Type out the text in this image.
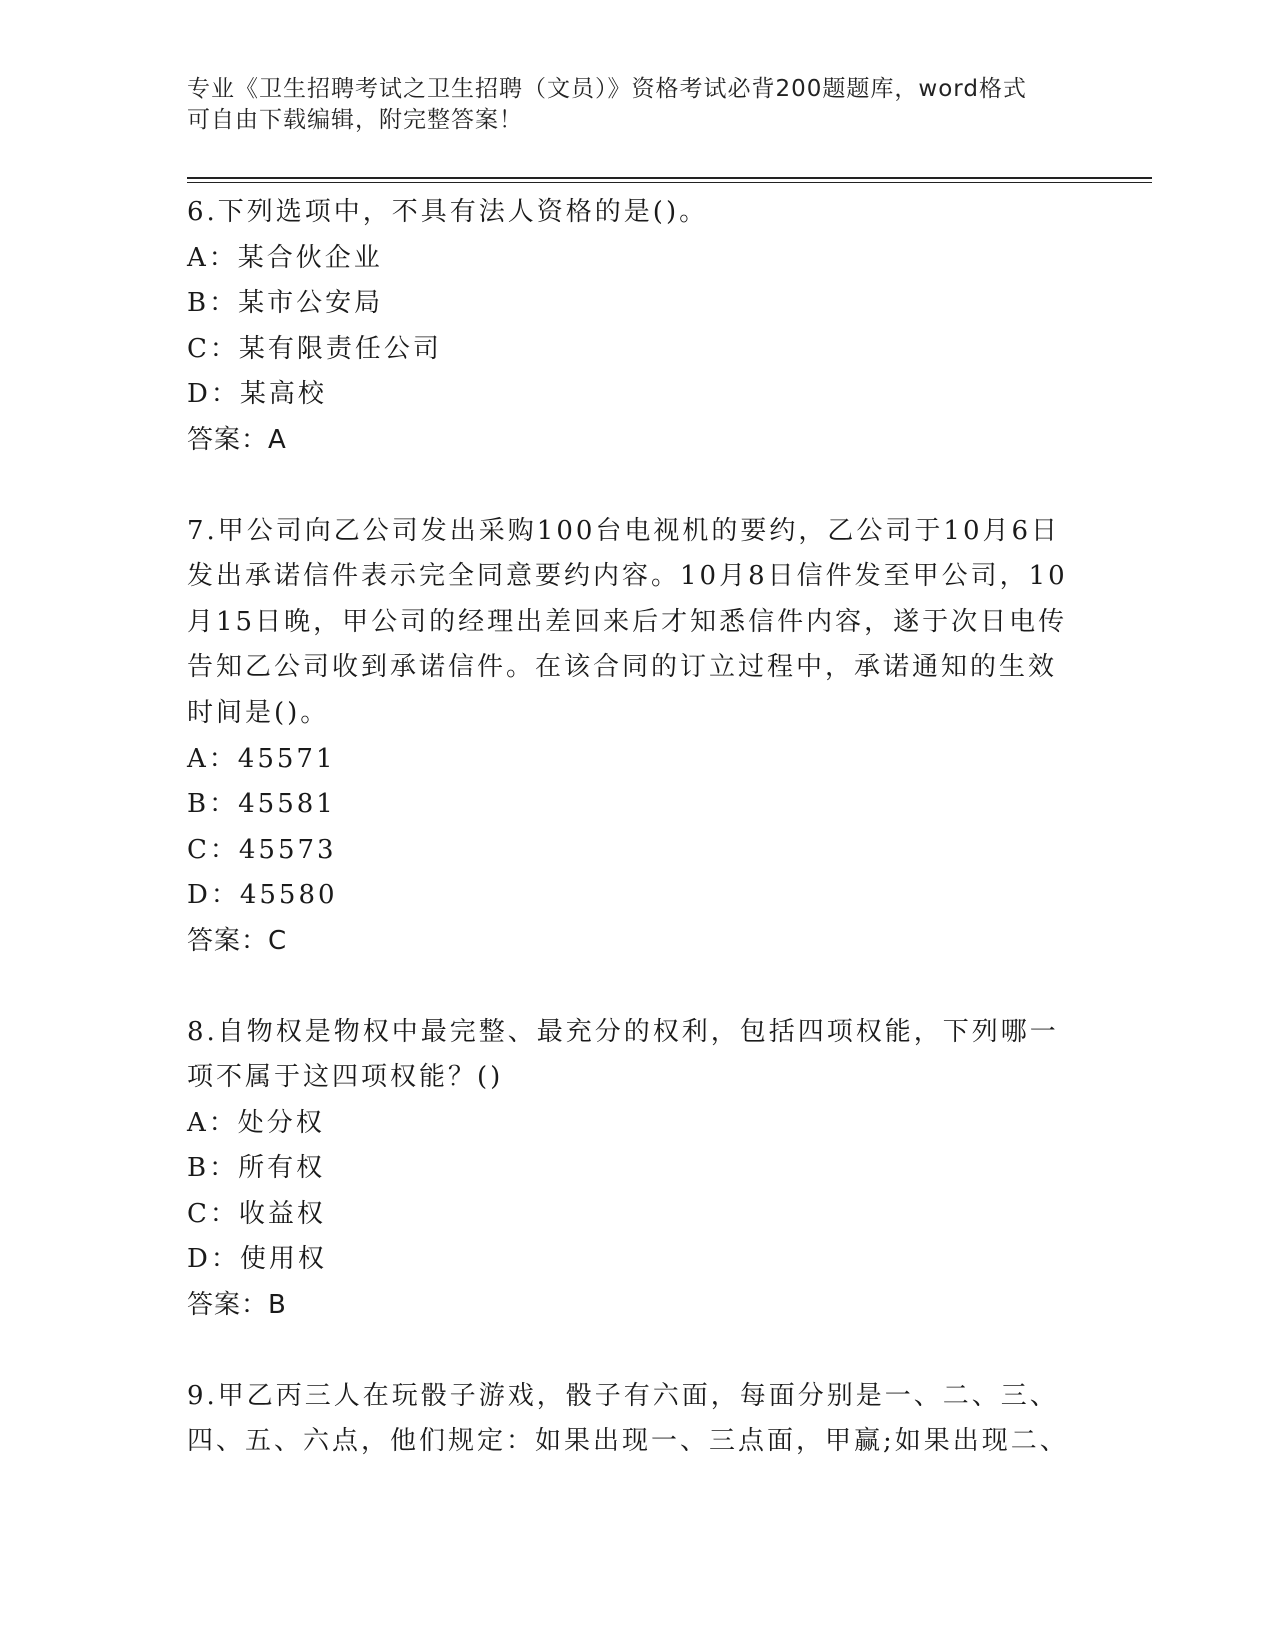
专业《卫生招聘考试之卫生招聘（文员）》资格考试必背200题题库，word格式

可自由下载编辑，附完整答案！

6.下列选项中，不具有法人资格的是()。

A：某合伙企业

B：某市公安局

C：某有限责任公司

D：某高校

答案：A

7.甲公司向乙公司发出采购100台电视机的要约，乙公司于10月6日

发出承诺信件表示完全同意要约内容。10月8日信件发至甲公司，10

月15日晚，甲公司的经理出差回来后才知悉信件内容，遂于次日电传

告知乙公司收到承诺信件。在该合同的订立过程中，承诺通知的生效

时间是()。

A：45571

B：45581

C：45573

D：45580

答案：C

8.自物权是物权中最完整、最充分的权利，包括四项权能，下列哪一

项不属于这四项权能？()

A：处分权

B：所有权

C：收益权

D：使用权

答案：B

9.甲乙丙三人在玩骰子游戏，骰子有六面，每面分别是一、二、三、

四、五、六点，他们规定：如果出现一、三点面，甲赢;如果出现二、
